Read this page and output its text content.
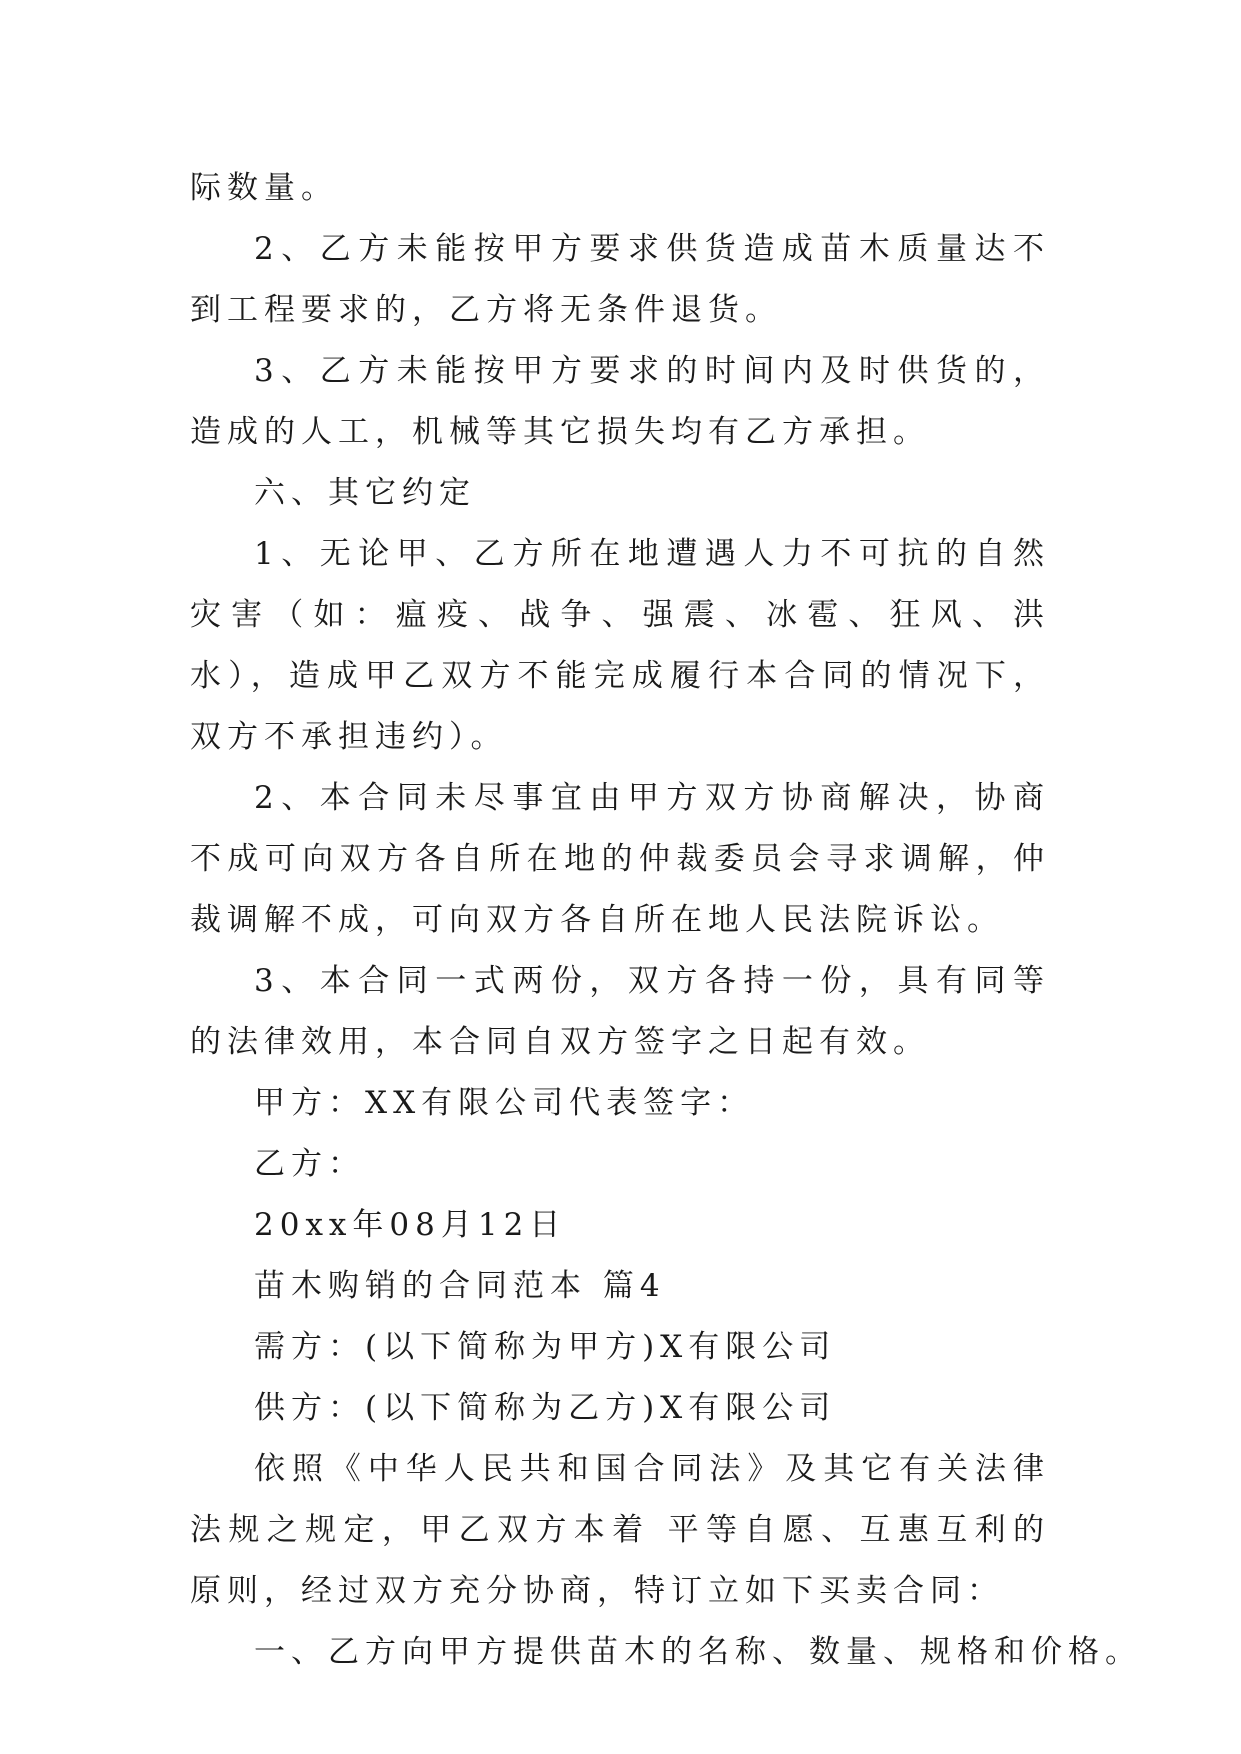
际数量。

2、乙方未能按甲方要求供货造成苗木质量达不到工程要求的，乙方将无条件退货。

3、乙方未能按甲方要求的时间内及时供货的，造成的人工，机械等其它损失均有乙方承担。

六、其它约定

1、无论甲、乙方所在地遭遇人力不可抗的自然灾害（如：瘟疫、战争、强震、冰雹、狂风、洪水），造成甲乙双方不能完成履行本合同的情况下，双方不承担违约）。

2、本合同未尽事宜由甲方双方协商解决，协商不成可向双方各自所在地的仲裁委员会寻求调解，仲裁调解不成，可向双方各自所在地人民法院诉讼。

3、本合同一式两份，双方各持一份，具有同等的法律效用，本合同自双方签字之日起有效。

甲方：XX有限公司代表签字：

乙方：

20xx年08月12日

苗木购销的合同范本 篇4

需方：(以下简称为甲方)X有限公司

供方：(以下简称为乙方)X有限公司

依照《中华人民共和国合同法》及其它有关法律法规之规定，甲乙双方本着 平等自愿、互惠互利的原则，经过双方充分协商，特订立如下买卖合同：

一、乙方向甲方提供苗木的名称、数量、规格和价格。
